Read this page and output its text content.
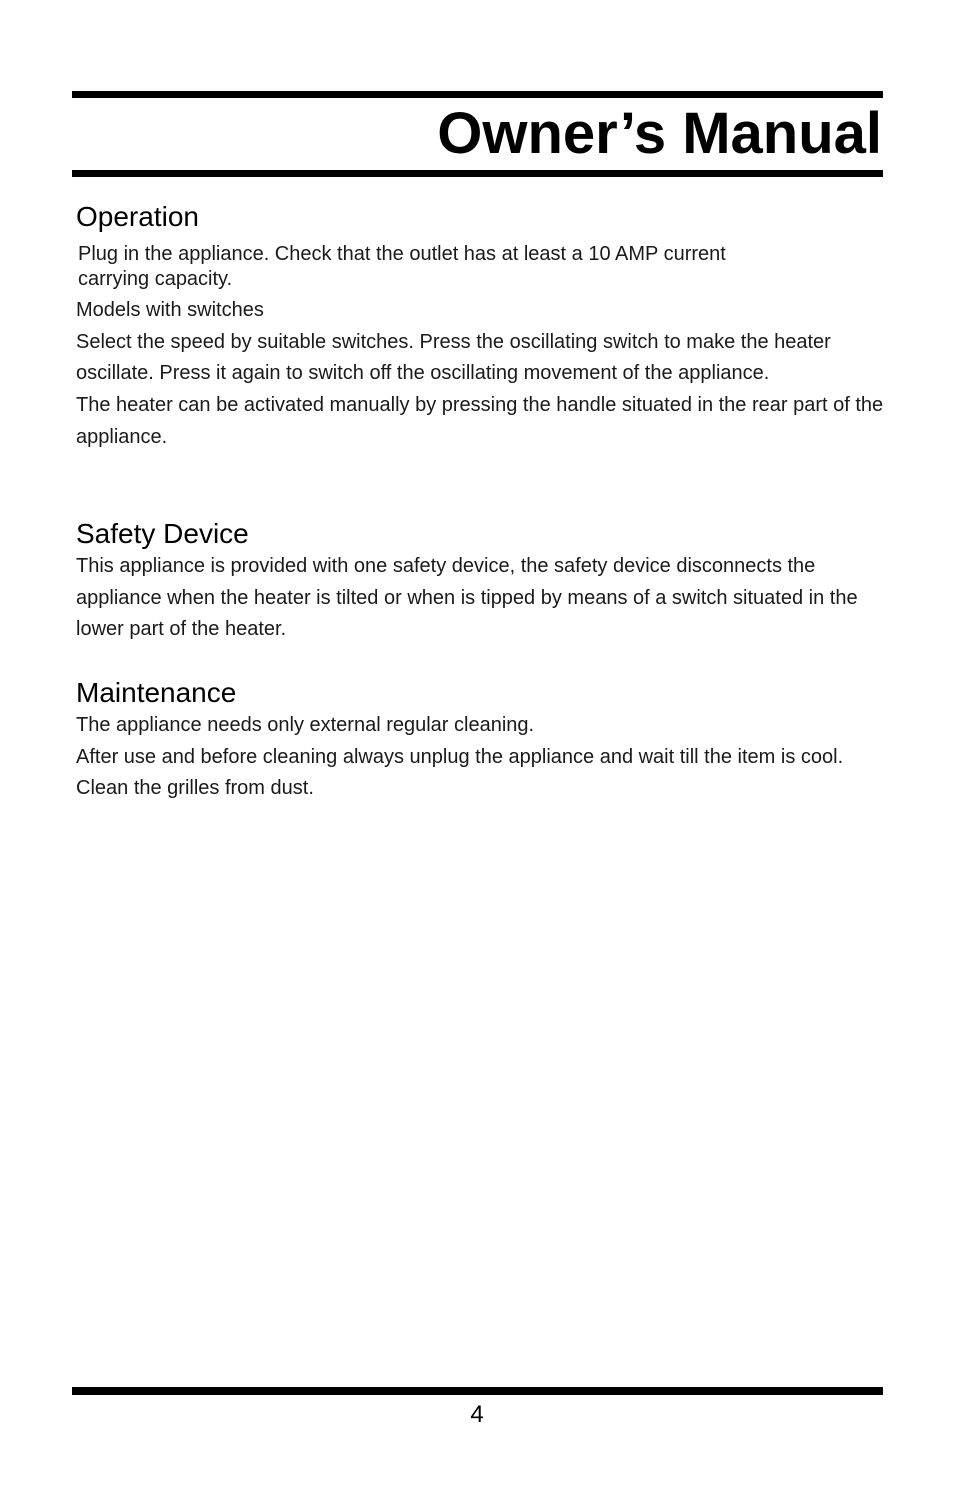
Owner’s Manual
Operation

Plug in the appliance. Check that the outlet has at least a 10 AMP current carrying capacity.

Models with switches

Select the speed by suitable switches. Press the oscillating switch to make the heater oscillate. Press it again to switch off the oscillating movement of the appliance.

The heater can be activated manually by pressing the handle situated in the rear part of the appliance.

Safety Device

This appliance is provided with one safety device, the safety device disconnects the appliance when the heater is tilted or when is tipped by means of a switch situated in the lower part of the heater.

Maintenance

The appliance needs only external regular cleaning.

After use and before cleaning always unplug the appliance and wait till the item is cool. Clean the grilles from dust.

4
